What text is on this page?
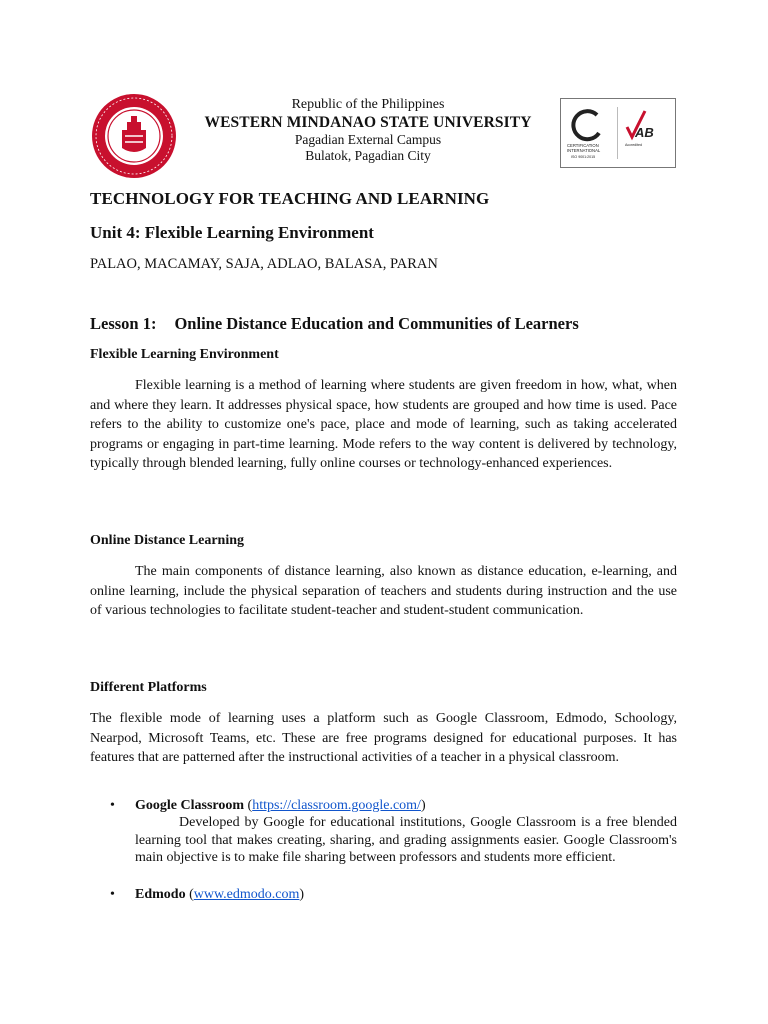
Republic of the Philippines
WESTERN MINDANAO STATE UNIVERSITY
Pagadian External Campus
Bulatok, Pagadian City
AB
CERTIFICATION
INTERNATIONAL
ISO 9001:2015
Accredited
TECHNOLOGY FOR TEACHING AND LEARNING
Unit 4: Flexible Learning Environment
PALAO, MACAMAY, SAJA, ADLAO, BALASA, PARAN
Lesson 1: Online Distance Education and Communities of Learners
Flexible Learning Environment
Flexible learning is a method of learning where students are given freedom in how, what, when and where they learn. It addresses physical space, how students are grouped and how time is used. Pace refers to the ability to customize one's pace, place and mode of learning, such as taking accelerated programs or engaging in part-time learning. Mode refers to the way content is delivered by technology, typically through blended learning, fully online courses or technology-enhanced experiences.
Online Distance Learning
The main components of distance learning, also known as distance education, e-learning, and online learning, include the physical separation of teachers and students during instruction and the use of various technologies to facilitate student-teacher and student-student communication.
Different Platforms
The flexible mode of learning uses a platform such as Google Classroom, Edmodo, Schoology, Nearpod, Microsoft Teams, etc. These are free programs designed for educational purposes. It has features that are patterned after the instructional activities of a teacher in a physical classroom.
• Google Classroom (https://classroom.google.com/)
Developed by Google for educational institutions, Google Classroom is a free blended learning tool that makes creating, sharing, and grading assignments easier. Google Classroom's main objective is to make file sharing between professors and students more efficient.
• Edmodo (www.edmodo.com)
